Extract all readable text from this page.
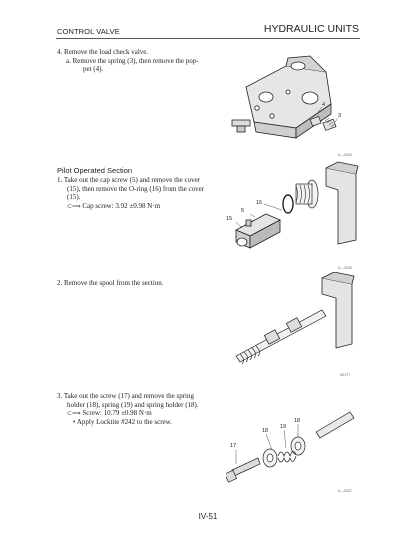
CONTROL VALVE	HYDRAULIC UNITS
4. Remove the load check valve.
a. Remove the spring (3), then remove the pop-
pet (4).
4
3
ⅠⅠ—3226
Pilot Operated Section
1. Take out the cap screw (5) and remove the cover
(15), then remove the O-ring (16) from the cover
(15).
⊂⟹ Cap screw: 3.92 ±0.98 N·m	16
5
15
ⅠⅠ—3236
2. Remove the spool from the section.
ⅠⅠ0177
3. Take out the screw (17) and remove the spring
holder (18), spring (19) and spring holder (18).
⊂⟹ Screw: 10.79 ±0.98 N·m
• Apply Locktite #242 to the screw.
18
19
18
17
ⅠⅠ—3237
IV-51
